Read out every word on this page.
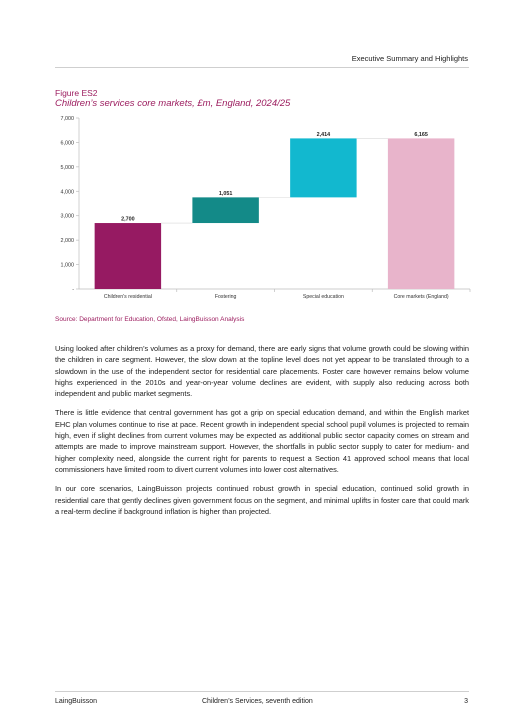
Executive Summary and Highlights
Figure ES2
Children’s services core markets, £m, England, 2024/25
-
1,000
2,000
3,000
4,000
5,000
6,000
7,000
2,700
Children's residential
1,051
Fostering
2,414
Special education
6,165
Core markets (England)
Source: Department for Education, Ofsted, LaingBuisson Analysis

Using looked after children’s volumes as a proxy for demand, there are early signs that volume growth could be slowing within the children in care segment. However, the slow down at the topline level does not yet appear to be translated through to a slowdown in the use of the independent sector for residential care placements. Foster care however remains below volume highs experienced in the 2010s and year-on-year volume declines are evident, with supply also reducing across both independent and public market segments.

There is little evidence that central government has got a grip on special education demand, and within the English market EHC plan volumes continue to rise at pace. Recent growth in independent special school pupil volumes is projected to remain high, even if slight declines from current volumes may be expected as additional public sector capacity comes on stream and attempts are made to improve mainstream support. However, the shortfalls in public sector supply to cater for medium- and higher complexity need, alongside the current right for parents to request a Section 41 approved school means that local commissioners have limited room to divert current volumes into lower cost alternatives.

In our core scenarios, LaingBuisson projects continued robust growth in special education, continued solid growth in residential care that gently declines given government focus on the segment, and minimal uplifts in foster care that could mark a real-term decline if background inflation is higher than projected.

LaingBuisson	Children’s Services, seventh edition	3
